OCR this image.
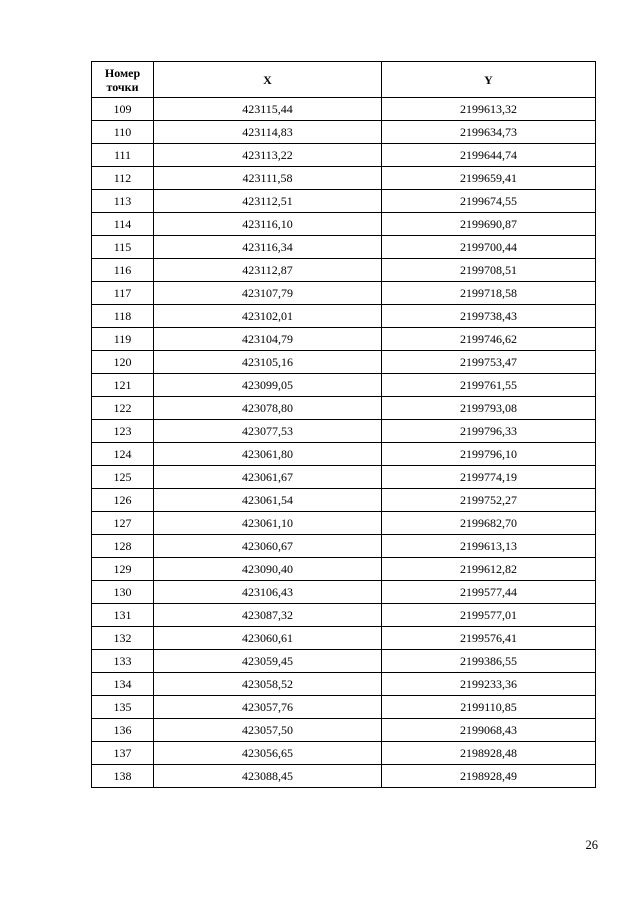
Номер точки	X	Y
109	423115,44	2199613,32
110	423114,83	2199634,73
111	423113,22	2199644,74
112	423111,58	2199659,41
113	423112,51	2199674,55
114	423116,10	2199690,87
115	423116,34	2199700,44
116	423112,87	2199708,51
117	423107,79	2199718,58
118	423102,01	2199738,43
119	423104,79	2199746,62
120	423105,16	2199753,47
121	423099,05	2199761,55
122	423078,80	2199793,08
123	423077,53	2199796,33
124	423061,80	2199796,10
125	423061,67	2199774,19
126	423061,54	2199752,27
127	423061,10	2199682,70
128	423060,67	2199613,13
129	423090,40	2199612,82
130	423106,43	2199577,44
131	423087,32	2199577,01
132	423060,61	2199576,41
133	423059,45	2199386,55
134	423058,52	2199233,36
135	423057,76	2199110,85
136	423057,50	2199068,43
137	423056,65	2198928,48
138	423088,45	2198928,49
26
